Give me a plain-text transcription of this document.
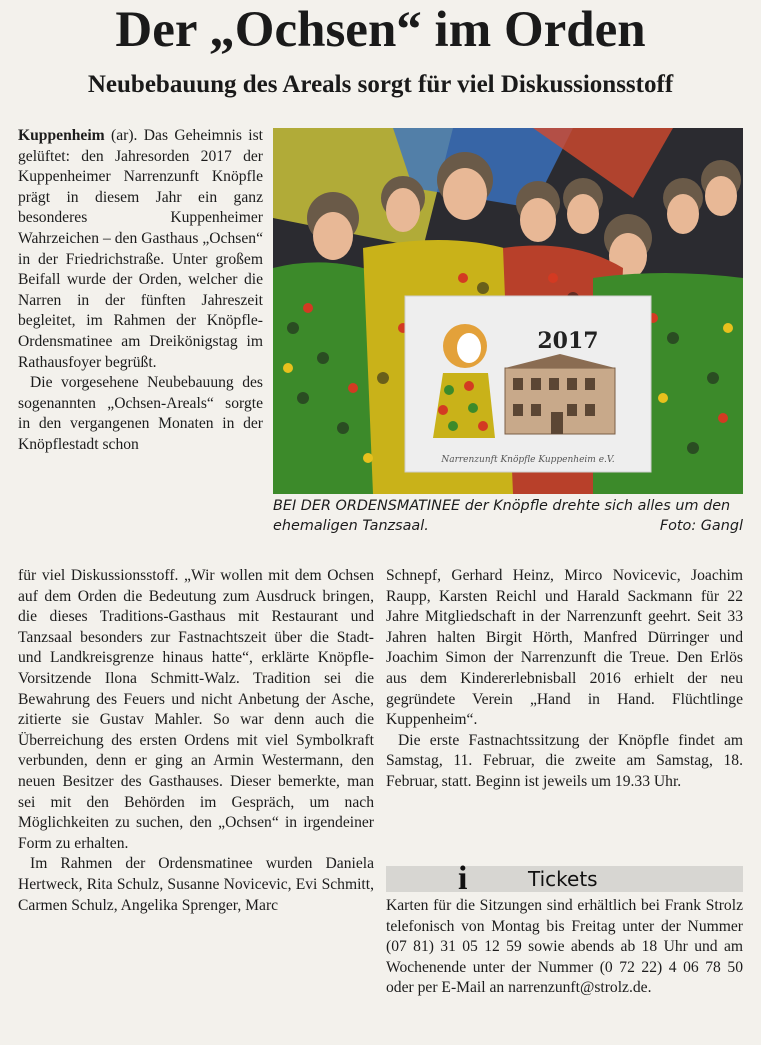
Der „Ochsen“ im Orden
Neubebauung des Areals sorgt für viel Diskussionsstoff

Kuppenheim (ar). Das Geheimnis ist gelüftet: den Jahresorden 2017 der Kuppenheimer Narrenzunft Knöpfle prägt in diesem Jahr ein ganz besonderes Kuppenheimer Wahrzeichen – den Gasthaus „Ochsen“ in der Friedrichstraße. Unter großem Beifall wurde der Orden, welcher die Narren in der fünften Jahreszeit begleitet, im Rahmen der Knöpfle-Ordensmatinee am Dreikönigstag im Rathausfoyer begrüßt.

Die vorgesehene Neubebauung des sogenannten „Ochsen-Areals“ sorgte in den vergangenen Monaten in der Knöpflestadt schon

2017
Narrenzunft Knöpfle Kuppenheim e.V.
BEI DER ORDENSMATINEE der Knöpfle drehte sich alles um den ehemaligen Tanzsaal.	Foto: Gangl

für viel Diskussionsstoff. „Wir wollen mit dem Ochsen auf dem Orden die Bedeutung zum Ausdruck bringen, die dieses Traditions-Gasthaus mit Restaurant und Tanzsaal besonders zur Fastnachtszeit über die Stadt- und Landkreisgrenze hinaus hatte“, erklärte Knöpfle-Vorsitzende Ilona Schmitt-Walz. Tradition sei die Bewahrung des Feuers und nicht Anbetung der Asche, zitierte sie Gustav Mahler. So war denn auch die Überreichung des ersten Ordens mit viel Symbolkraft verbunden, denn er ging an Armin Westermann, den neuen Besitzer des Gasthauses. Dieser bemerkte, man sei mit den Behörden im Gespräch, um nach Möglichkeiten zu suchen, den „Ochsen“ in irgendeiner Form zu erhalten.

Im Rahmen der Ordensmatinee wurden Daniela Hertweck, Rita Schulz, Susanne Novicevic, Evi Schmitt, Carmen Schulz, Angelika Sprenger, Marc

Schnepf, Gerhard Heinz, Mirco Novicevic, Joachim Raupp, Karsten Reichl und Harald Sackmann für 22 Jahre Mitgliedschaft in der Narrenzunft geehrt. Seit 33 Jahren halten Birgit Hörth, Manfred Dürringer und Joachim Simon der Narrenzunft die Treue. Den Erlös aus dem Kindererlebnisball 2016 erhielt der neu gegründete Verein „Hand in Hand. Flüchtlinge Kuppenheim“.

Die erste Fastnachtssitzung der Knöpfle findet am Samstag, 11. Februar, die zweite am Samstag, 18. Februar, statt. Beginn ist jeweils um 19.33 Uhr.

i	Tickets

Karten für die Sitzungen sind erhältlich bei Frank Strolz telefonisch von Montag bis Freitag unter der Nummer (07 81) 31 05 12 59 sowie abends ab 18 Uhr und am Wochenende unter der Nummer (0 72 22) 4 06 78 50 oder per E-Mail an narrenzunft@strolz.de.
